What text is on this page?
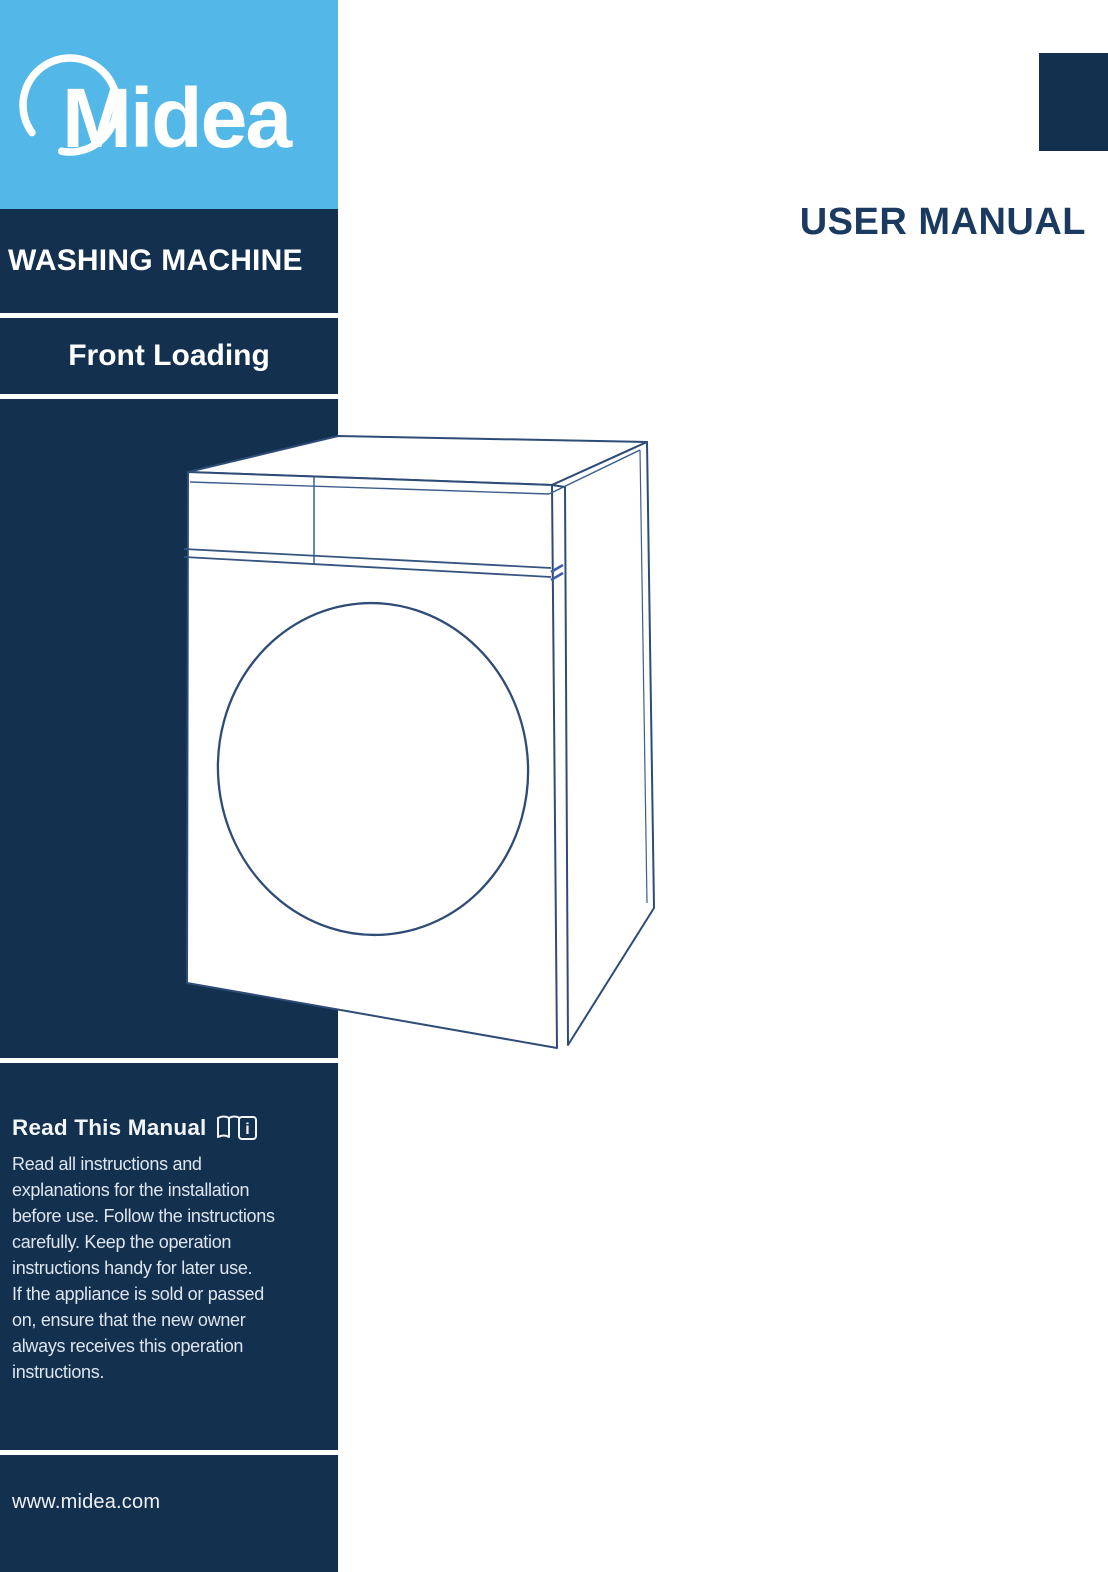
Midea
WASHING MACHINE
Front Loading
USER MANUAL
Read This Manual i
Read all instructions and
explanations for the installation
before use. Follow the instructions
carefully. Keep the operation
instructions handy for later use.
If the appliance is sold or passed
on, ensure that the new owner
always receives this operation
instructions.
www.midea.com
